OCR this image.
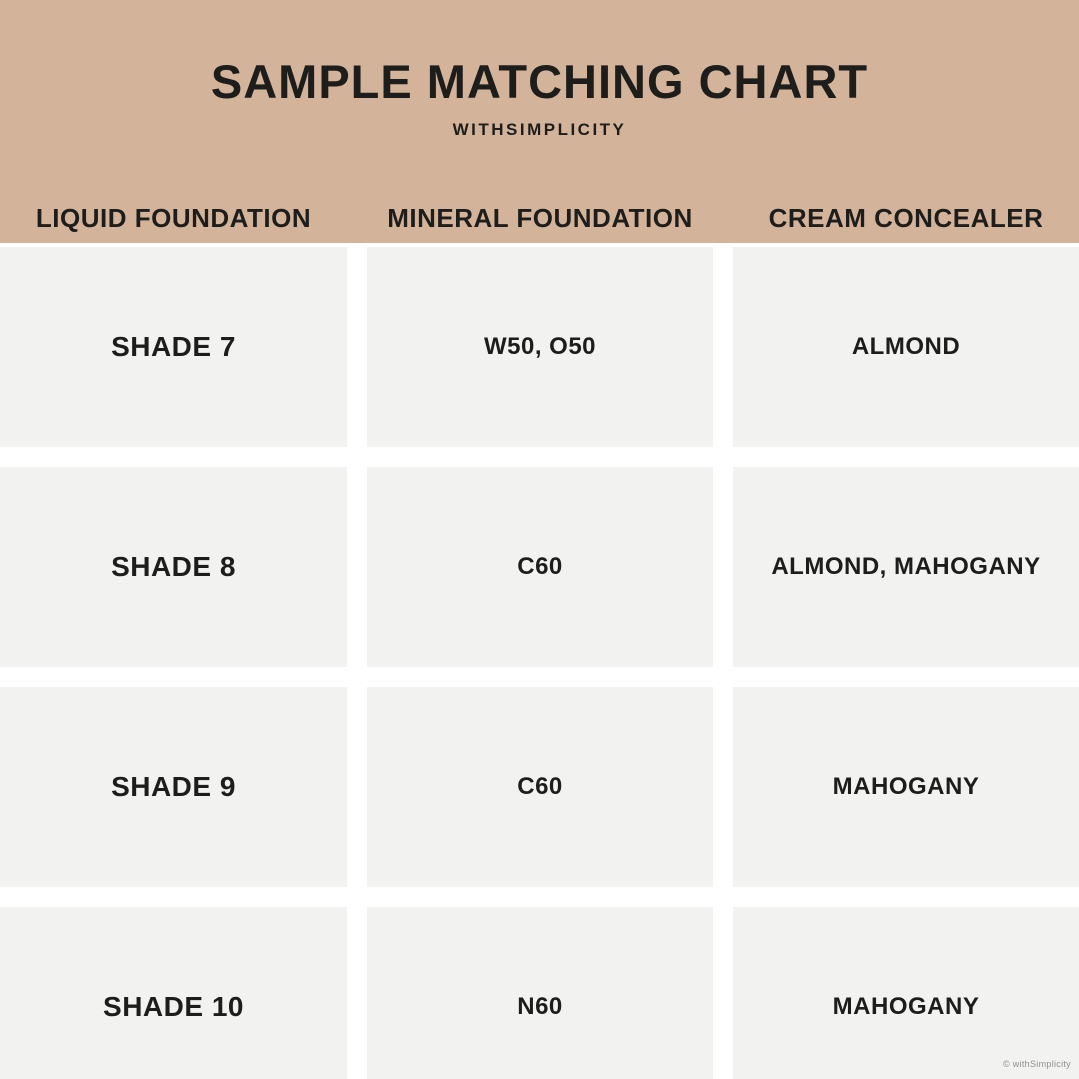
SAMPLE MATCHING CHART
WITHSIMPLICITY
LIQUID FOUNDATION	MINERAL FOUNDATION	CREAM CONCEALER
SHADE 7	W50, O50	ALMOND
SHADE 8	C60	ALMOND, MAHOGANY
SHADE 9	C60	MAHOGANY
SHADE 10	N60	MAHOGANY
© withSimplicity
